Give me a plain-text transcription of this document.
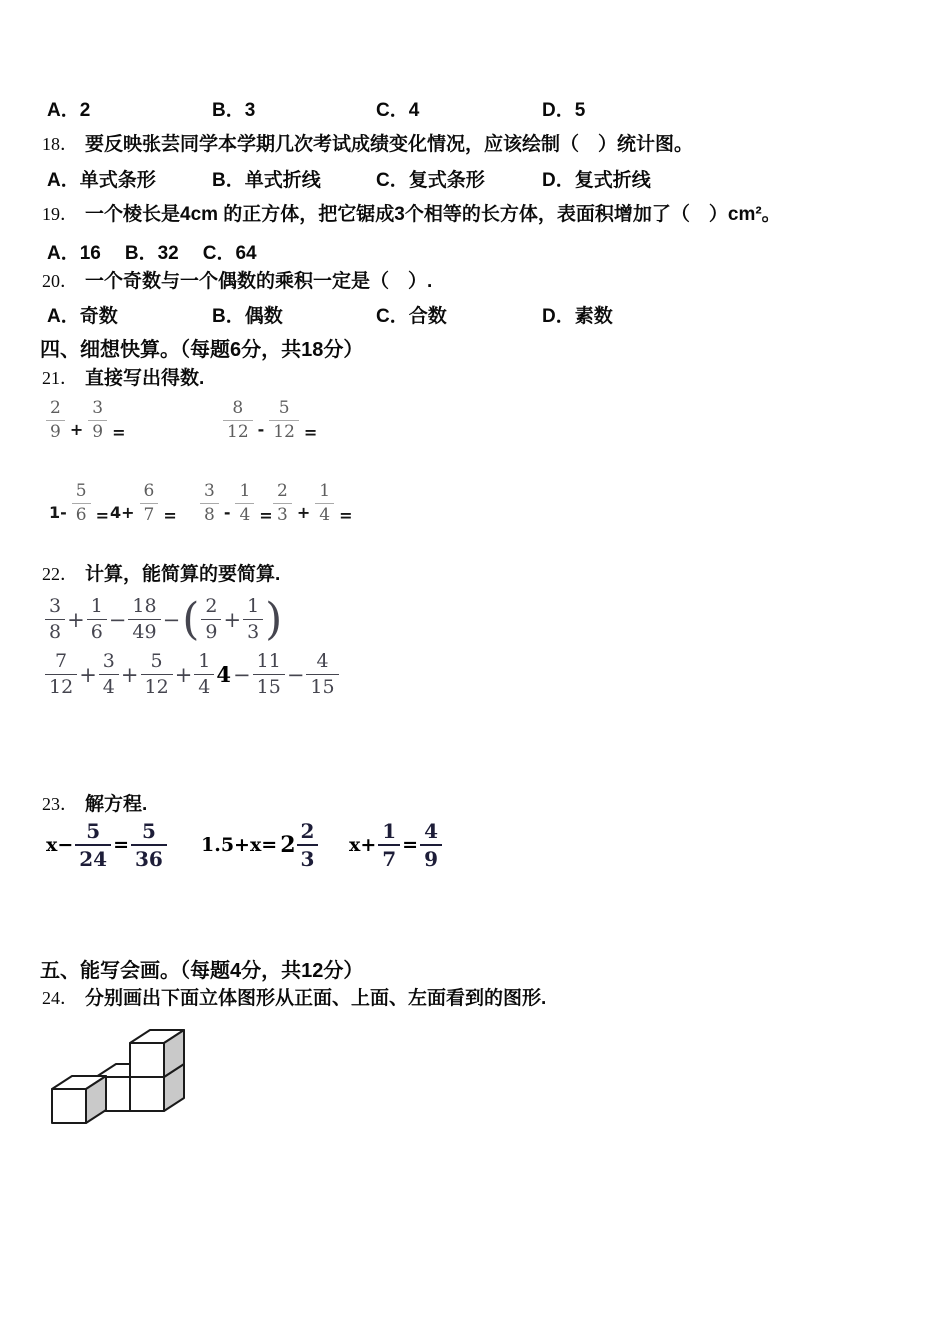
A．2	B．3	C．4	D．5
18． 要反映张芸同学本学期几次考试成绩变化情况，应该绘制（　）统计图。
A．单式条形	B．单式折线	C．复式条形	D．复式折线
19． 一个棱长是4cm 的正方体，把它锯成3个相等的长方体，表面积增加了（　）cm²。
A．16 B．32 C．64
20． 一个奇数与一个偶数的乘积一定是（　）.
A．奇数	B．偶数	C．合数	D．素数
四、细想快算。（每题6分，共18分）
21． 直接写出得数.
$\frac{2}{9} + \frac{3}{9}$ =	$\frac{8}{12} - \frac{5}{12}$ =
$1- \frac{5}{6} = 4+ \frac{6}{7} = \frac{3}{8} - \frac{1}{4} = \frac{2}{3} + \frac{1}{4}$ =
22． 计算，能简算的要简算.
$\frac{3}{8} + \frac{1}{6} - \frac{18}{49}$ − ( $\frac{2}{9} + \frac{1}{3}$ )
$\frac{7}{12} + \frac{3}{4} + \frac{5}{12} + \frac{1}{4} 4 - \frac{11}{15} - \frac{4}{15}$
23． 解方程.
$x- \frac{5}{24} = \frac{5}{36} 1.5+x= 2 \frac{2}{3} x+ \frac{1}{7} = \frac{4}{9}$
五、能写会画。（每题4分，共12分）
24． 分别画出下面立体图形从正面、上面、左面看到的图形.
